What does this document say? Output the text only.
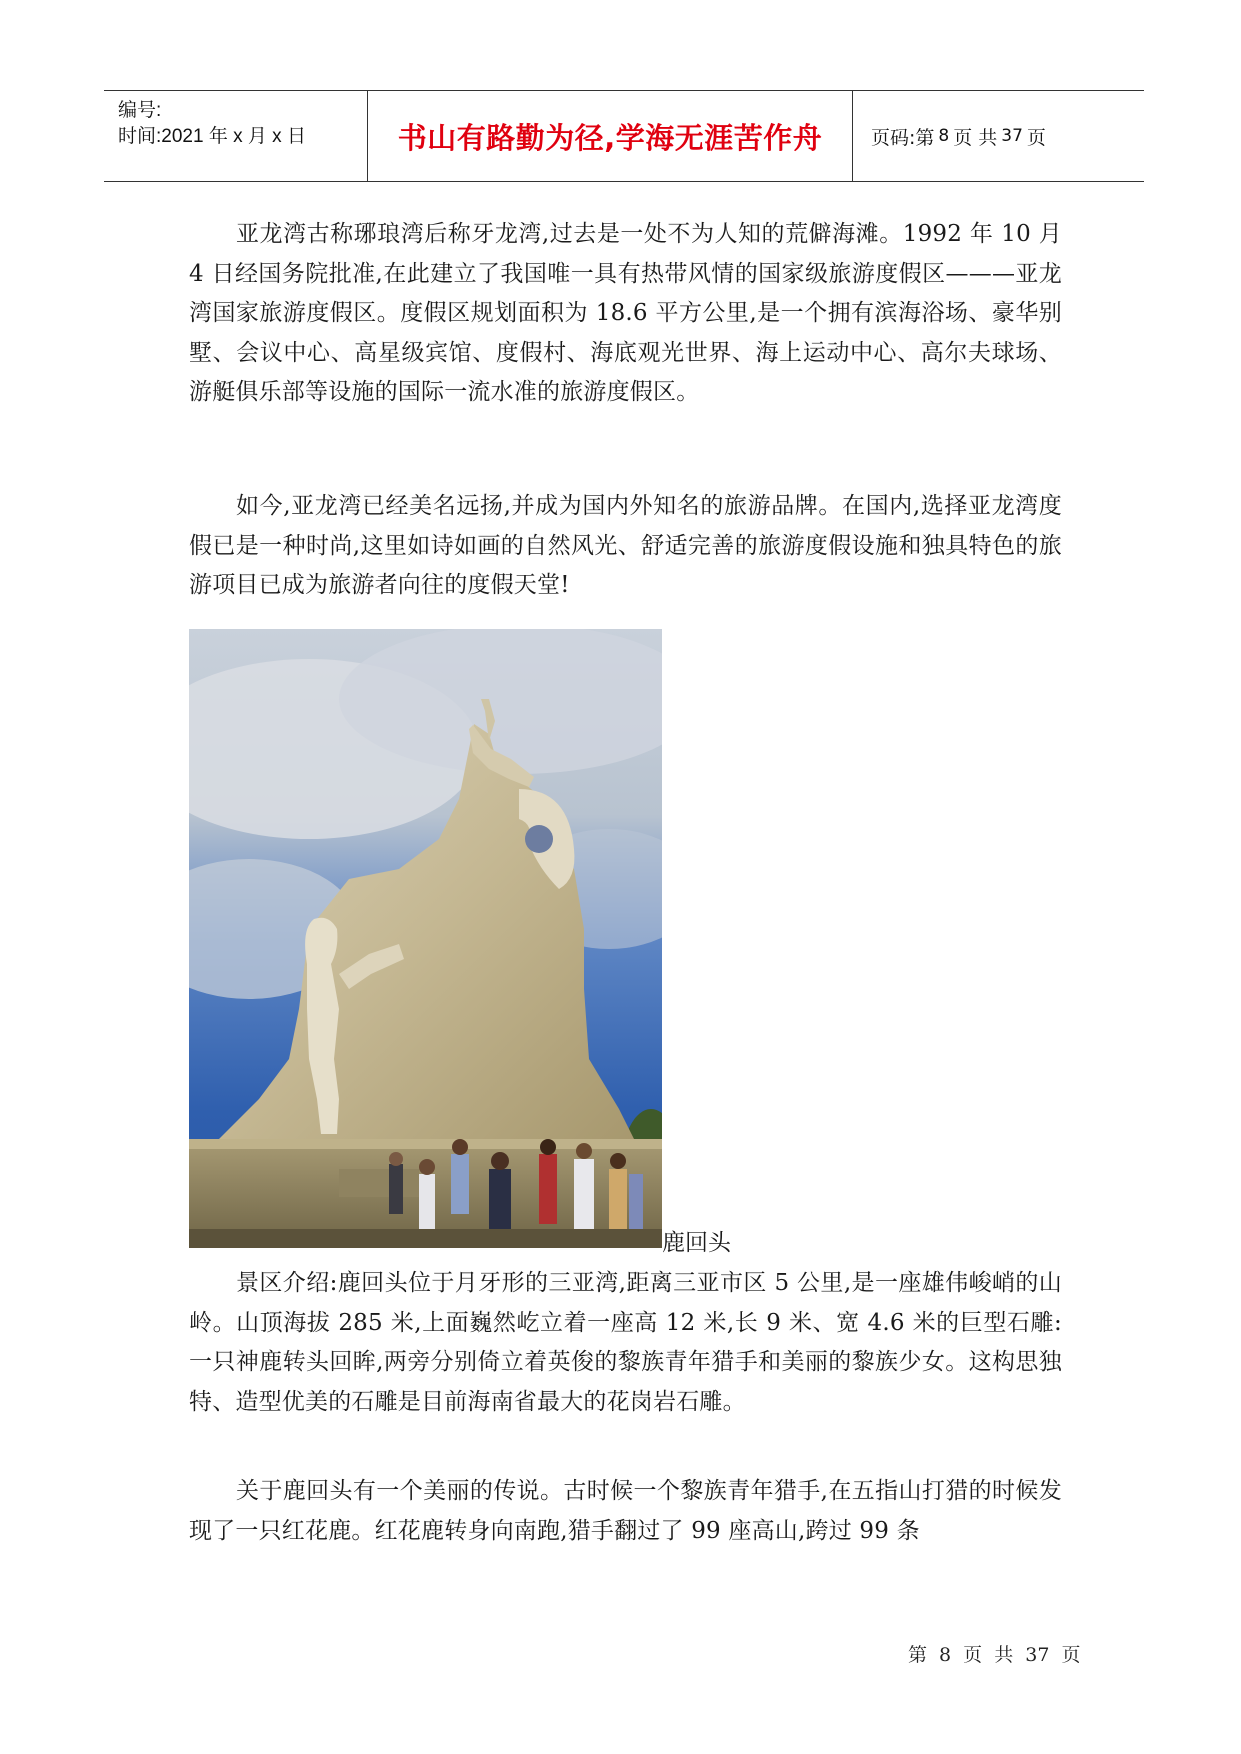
编号:
时间:2021 年 x 月 x 日	书山有路勤为径,学海无涯苦作舟	页码:第 8 页 共 37 页

亚龙湾古称琊琅湾后称牙龙湾,过去是一处不为人知的荒僻海滩。1992 年 10 月 4 日经国务院批准,在此建立了我国唯一具有热带风情的国家级旅游度假区———亚龙湾国家旅游度假区。度假区规划面积为 18.6 平方公里,是一个拥有滨海浴场、豪华别墅、会议中心、高星级宾馆、度假村、海底观光世界、海上运动中心、高尔夫球场、游艇俱乐部等设施的国际一流水准的旅游度假区。

如今,亚龙湾已经美名远扬,并成为国内外知名的旅游品牌。在国内,选择亚龙湾度假已是一种时尚,这里如诗如画的自然风光、舒适完善的旅游度假设施和独具特色的旅游项目已成为旅游者向往的度假天堂!

鹿回头

景区介绍:鹿回头位于月牙形的三亚湾,距离三亚市区 5 公里,是一座雄伟峻峭的山岭。山顶海拔 285 米,上面巍然屹立着一座高 12 米,长 9 米、宽 4.6 米的巨型石雕:一只神鹿转头回眸,两旁分别倚立着英俊的黎族青年猎手和美丽的黎族少女。这构思独特、造型优美的石雕是目前海南省最大的花岗岩石雕。

关于鹿回头有一个美丽的传说。古时候一个黎族青年猎手,在五指山打猎的时候发现了一只红花鹿。红花鹿转身向南跑,猎手翻过了 99 座高山,跨过 99 条

第 8 页 共 37 页
